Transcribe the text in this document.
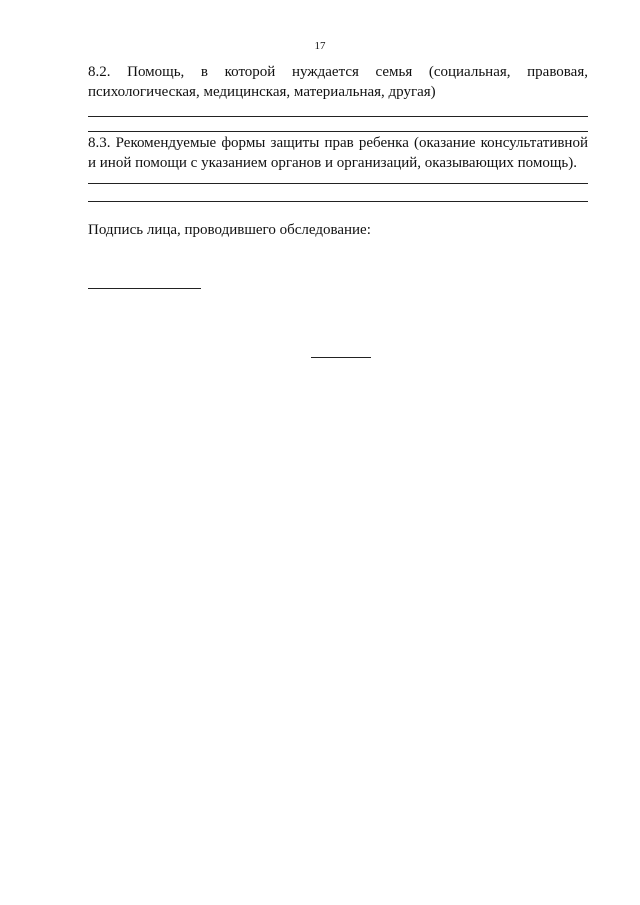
17
8.2. Помощь, в которой нуждается семья (социальная, правовая,
психологическая, медицинская, материальная, другая)
8.3. Рекомендуемые формы защиты прав ребенка (оказание консультативной
и иной помощи с указанием органов и организаций, оказывающих помощь).
Подпись лица, проводившего обследование:
